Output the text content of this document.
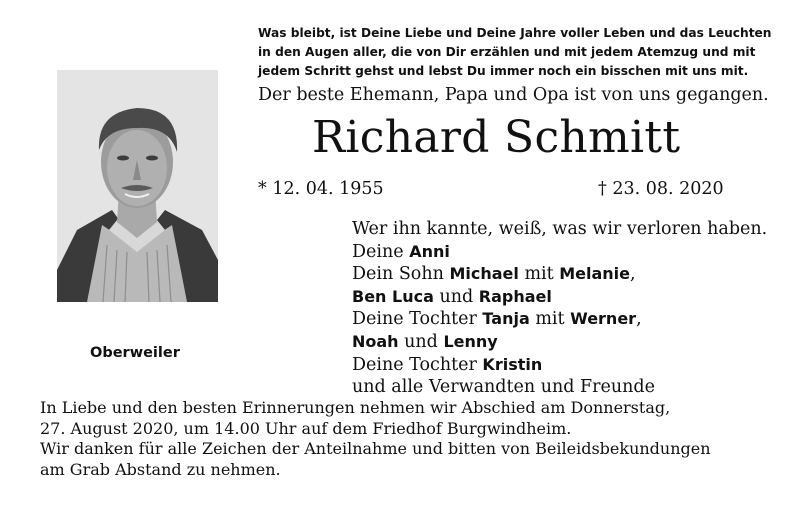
Was bleibt, ist Deine Liebe und Deine Jahre voller Leben und das Leuchten
in den Augen aller, die von Dir erzählen und mit jedem Atemzug und mit
jedem Schritt gehst und lebst Du immer noch ein bisschen mit uns mit.
Der beste Ehemann, Papa und Opa ist von uns gegangen.
Richard Schmitt
* 12. 04. 1955	† 23. 08. 2020
Wer ihn kannte, weiß, was wir verloren haben.
Deine Anni
Dein Sohn Michael mit Melanie,
Ben Luca und Raphael
Deine Tochter Tanja mit Werner,
Noah und Lenny
Deine Tochter Kristin
und alle Verwandten und Freunde
Oberweiler
In Liebe und den besten Erinnerungen nehmen wir Abschied am Donnerstag,
27. August 2020, um 14.00 Uhr auf dem Friedhof Burgwindheim.
Wir danken für alle Zeichen der Anteilnahme und bitten von Beileidsbekundungen
am Grab Abstand zu nehmen.
